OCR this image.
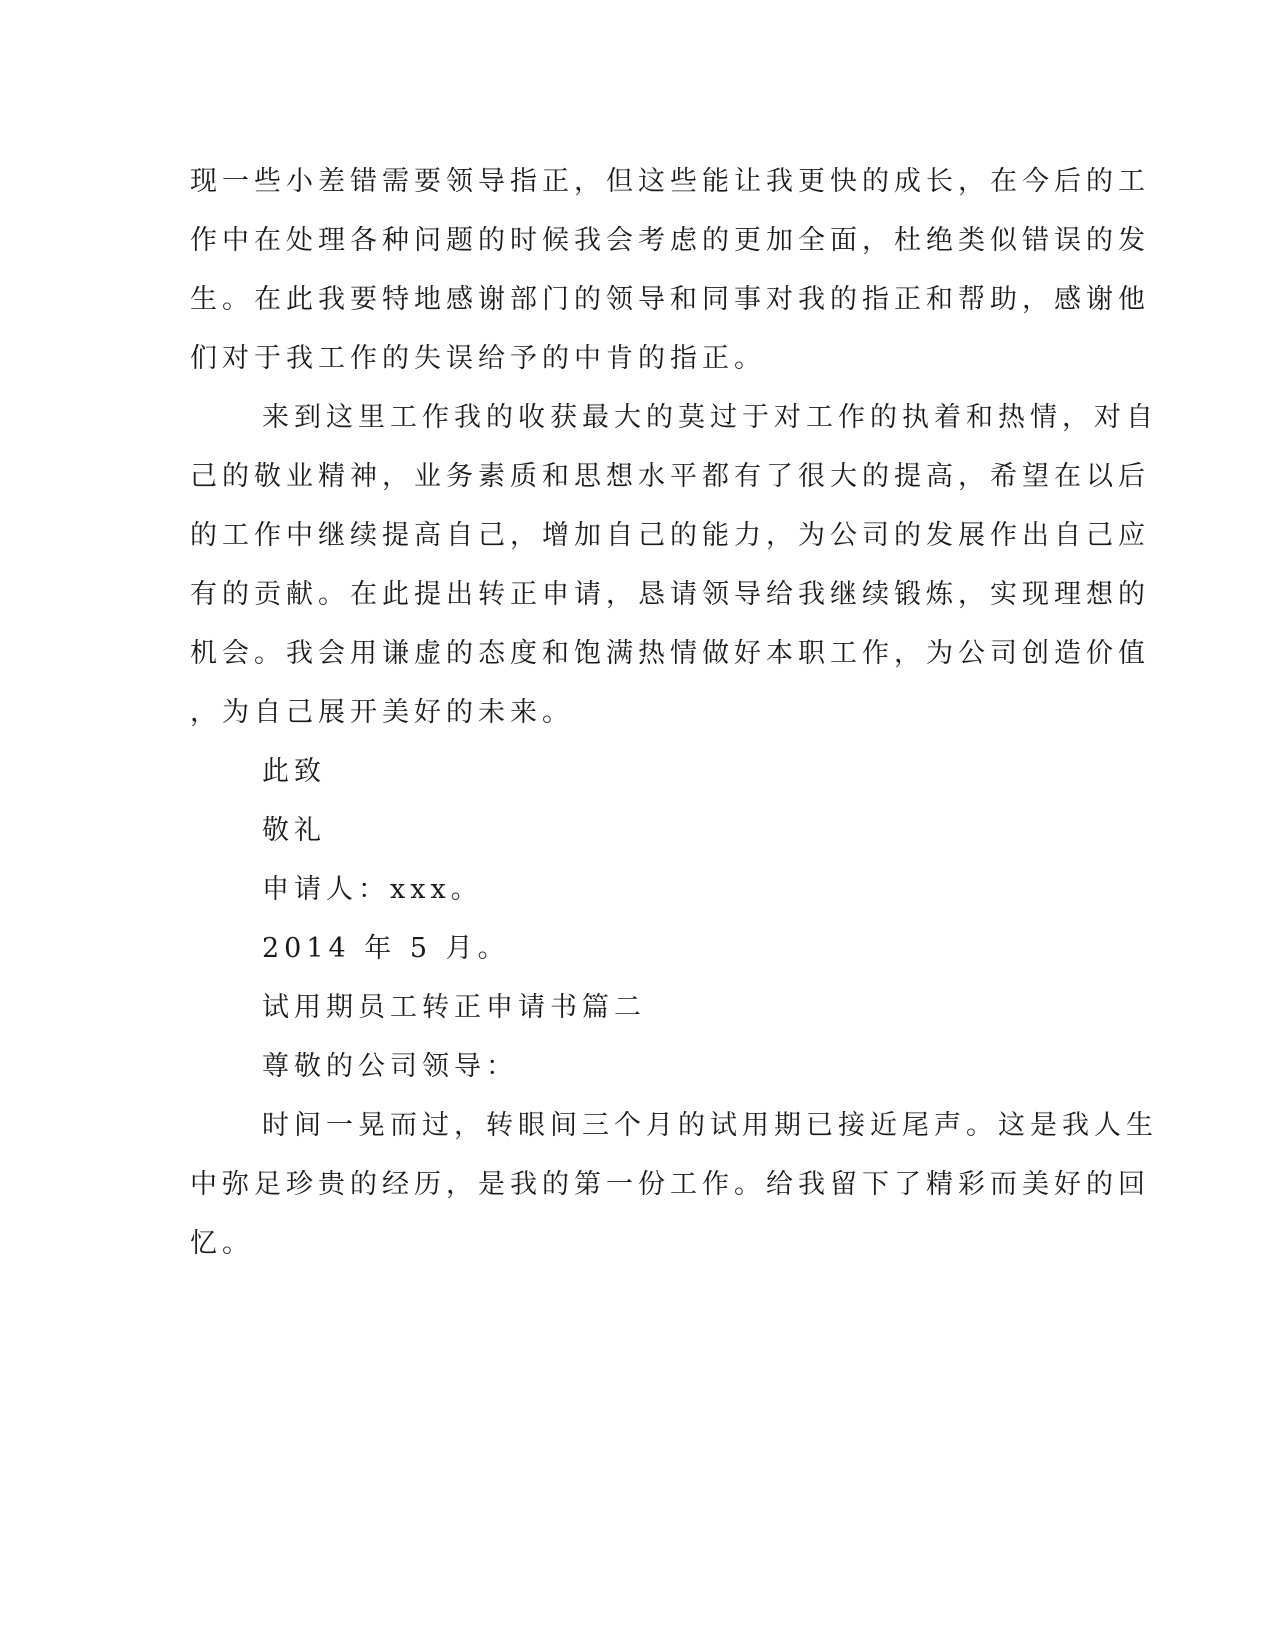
现一些小差错需要领导指正，但这些能让我更快的成长，在今后的工
作中在处理各种问题的时候我会考虑的更加全面，杜绝类似错误的发
生。在此我要特地感谢部门的领导和同事对我的指正和帮助，感谢他
们对于我工作的失误给予的中肯的指正。
来到这里工作我的收获最大的莫过于对工作的执着和热情，对自
己的敬业精神，业务素质和思想水平都有了很大的提高，希望在以后
的工作中继续提高自己，增加自己的能力，为公司的发展作出自己应
有的贡献。在此提出转正申请，恳请领导给我继续锻炼，实现理想的
机会。我会用谦虚的态度和饱满热情做好本职工作，为公司创造价值
，为自己展开美好的未来。
此致
敬礼
申请人：xxx。
2014 年 5 月。
试用期员工转正申请书篇二
尊敬的公司领导：
时间一晃而过，转眼间三个月的试用期已接近尾声。这是我人生
中弥足珍贵的经历，是我的第一份工作。给我留下了精彩而美好的回
忆。
